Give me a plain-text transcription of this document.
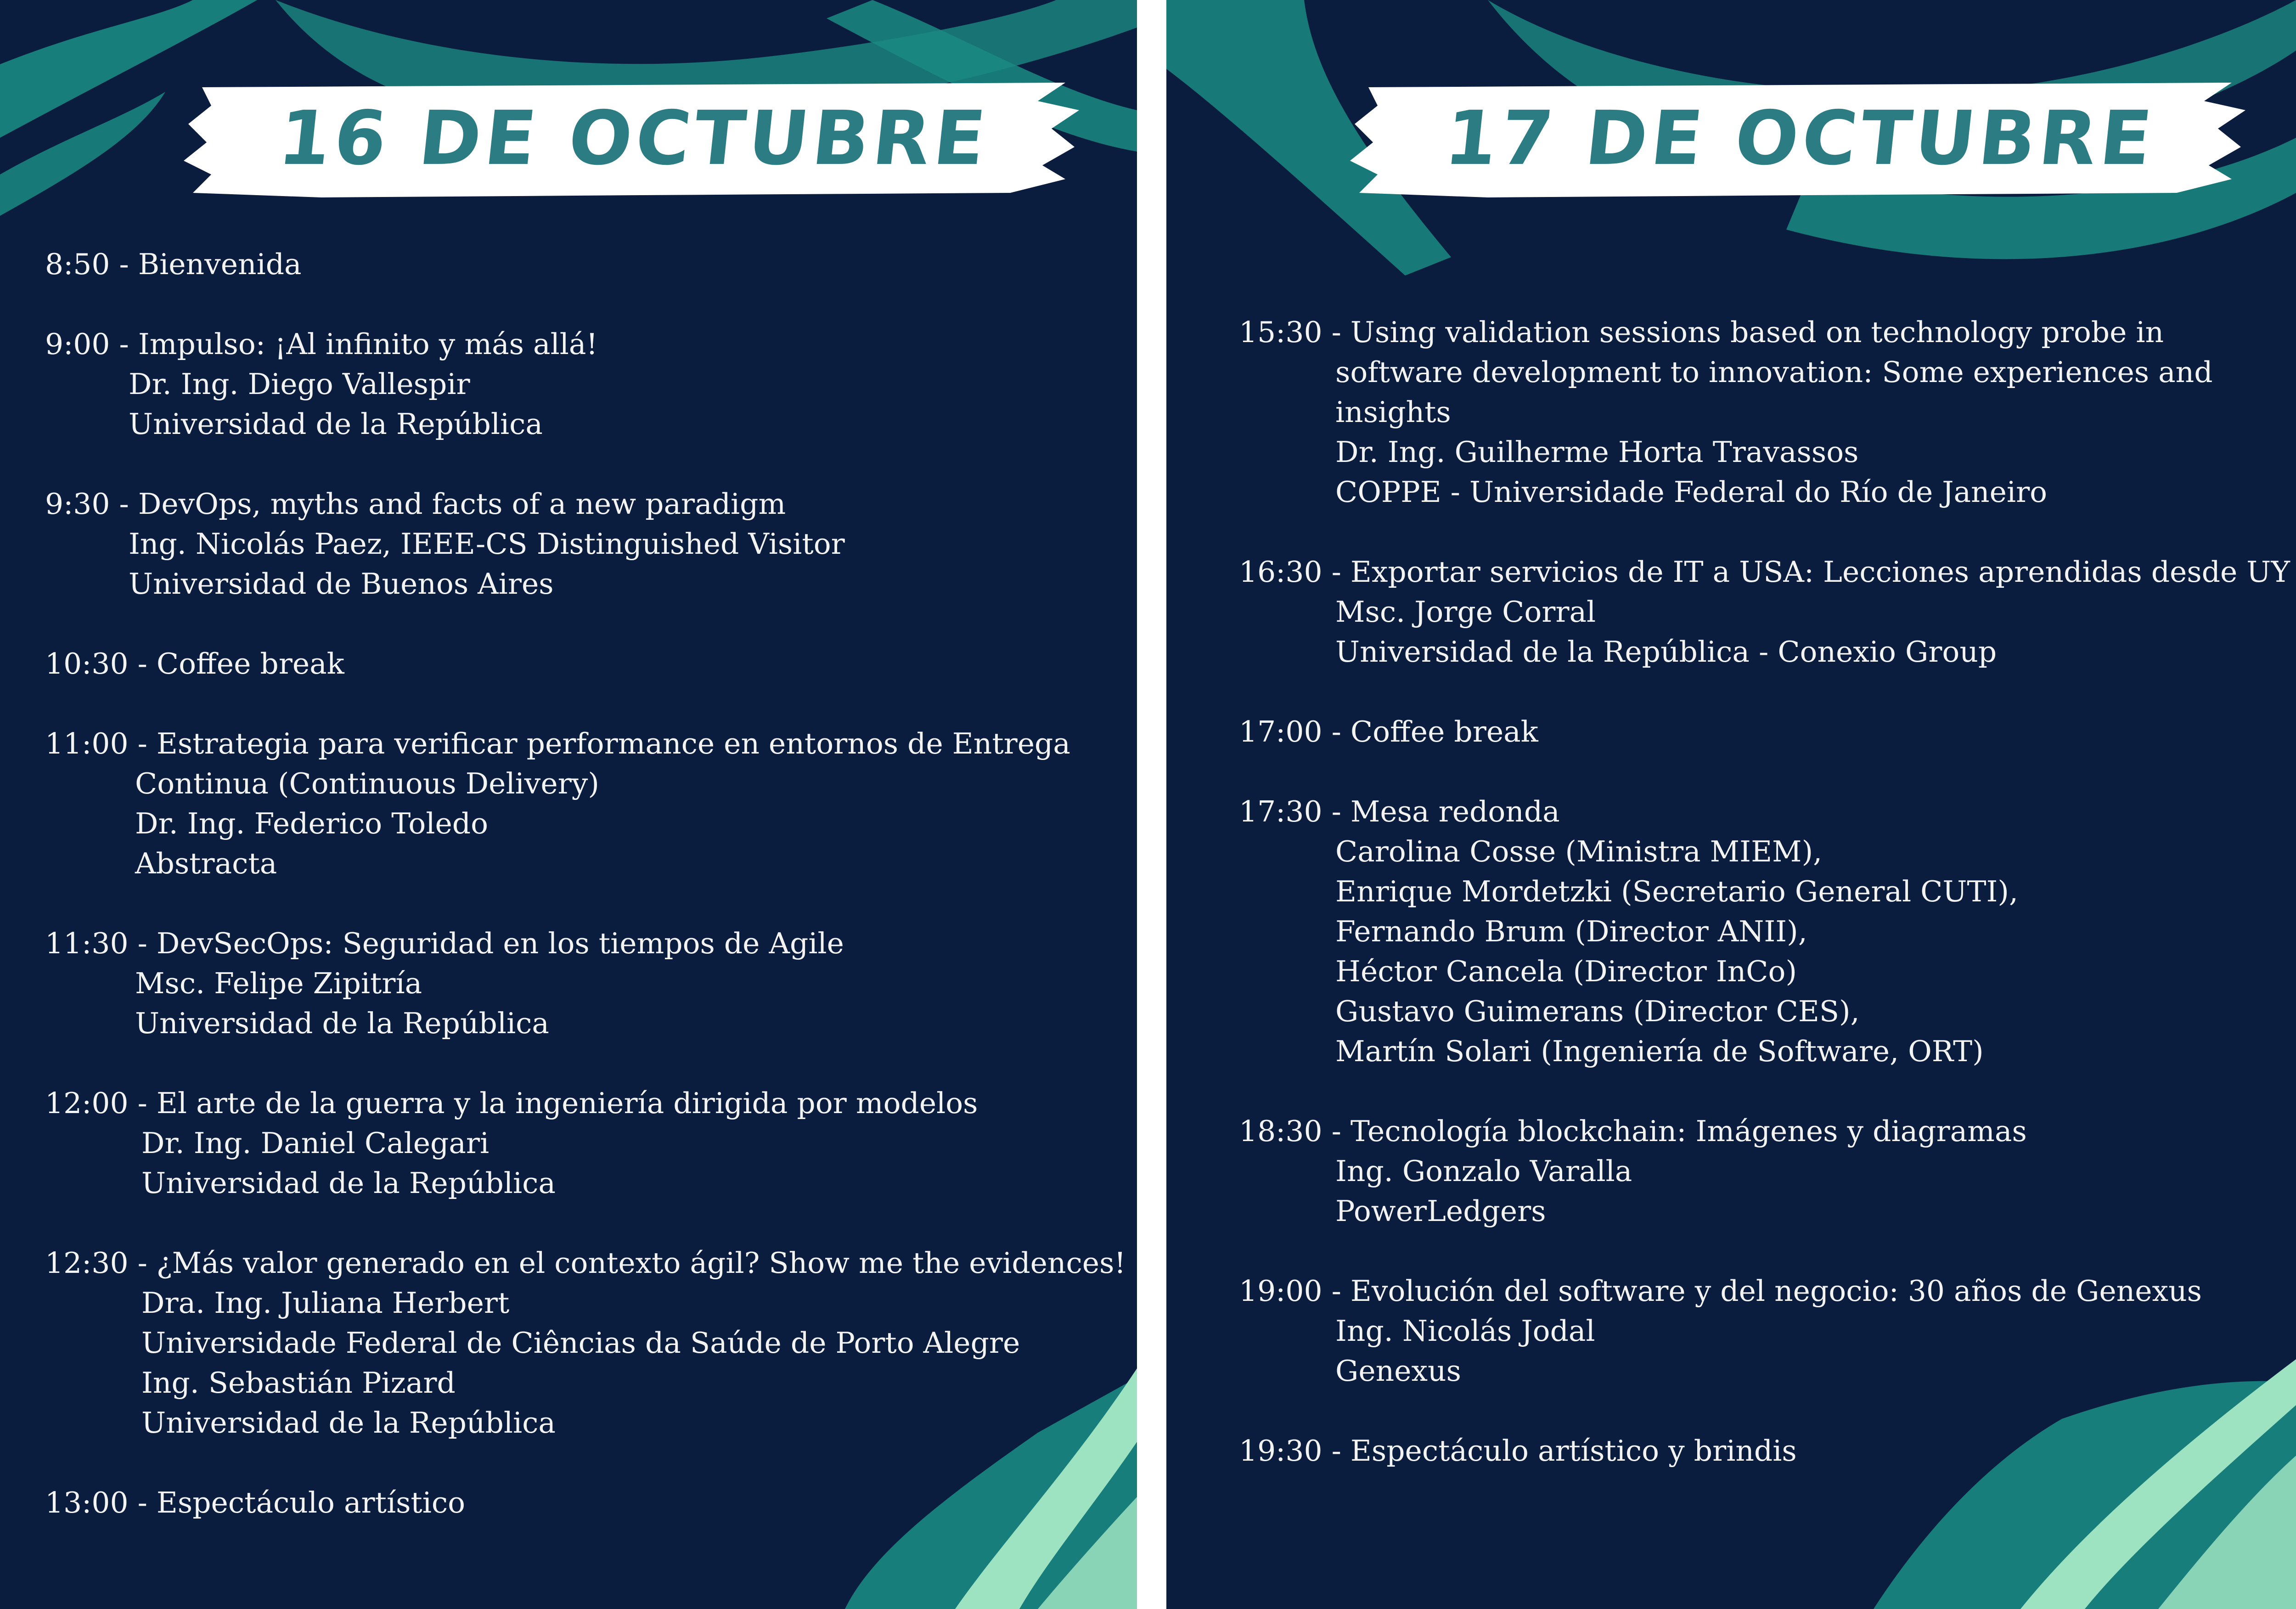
16 DE OCTUBRE
8:50 - Bienvenida
9:00 - Impulso: ¡Al infinito y más allá!
Dr. Ing. Diego Vallespir
Universidad de la República
9:30 - DevOps, myths and facts of a new paradigm
Ing. Nicolás Paez, IEEE-CS Distinguished Visitor
Universidad de Buenos Aires
10:30 - Coffee break
11:00 - Estrategia para verificar performance en entornos de Entrega
Continua (Continuous Delivery)
Dr. Ing. Federico Toledo
Abstracta
11:30 - DevSecOps: Seguridad en los tiempos de Agile
Msc. Felipe Zipitría
Universidad de la República
12:00 - El arte de la guerra y la ingeniería dirigida por modelos
Dr. Ing. Daniel Calegari
Universidad de la República
12:30 - ¿Más valor generado en el contexto ágil? Show me the evidences!
Dra. Ing. Juliana Herbert
Universidade Federal de Ciências da Saúde de Porto Alegre
Ing. Sebastián Pizard
Universidad de la República
13:00 - Espectáculo artístico
17 DE OCTUBRE
15:30 - Using validation sessions based on technology probe in
software development to innovation: Some experiences and
insights
Dr. Ing. Guilherme Horta Travassos
COPPE - Universidade Federal do Río de Janeiro
16:30 - Exportar servicios de IT a USA: Lecciones aprendidas desde UY
Msc. Jorge Corral
Universidad de la República - Conexio Group
17:00 - Coffee break
17:30 - Mesa redonda
Carolina Cosse (Ministra MIEM),
Enrique Mordetzki (Secretario General CUTI),
Fernando Brum (Director ANII),
Héctor Cancela (Director InCo)
Gustavo Guimerans (Director CES),
Martín Solari (Ingeniería de Software, ORT)
18:30 - Tecnología blockchain: Imágenes y diagramas
Ing. Gonzalo Varalla
PowerLedgers
19:00 - Evolución del software y del negocio: 30 años de Genexus
Ing. Nicolás Jodal
Genexus
19:30 - Espectáculo artístico y brindis
